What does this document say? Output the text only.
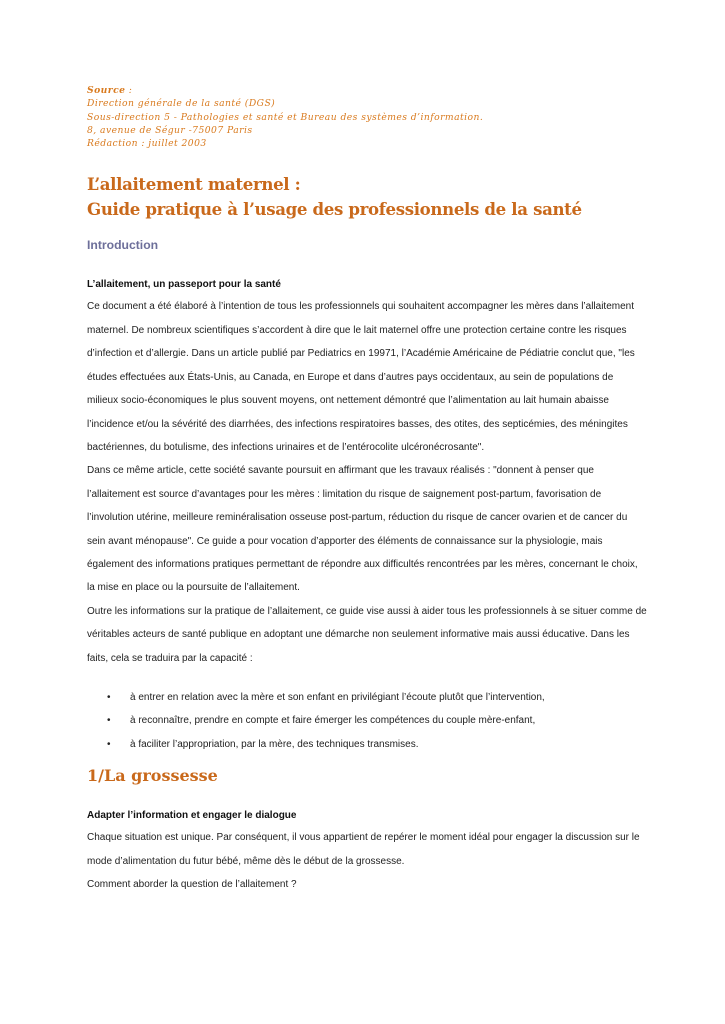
Source :
Direction générale de la santé (DGS)
Sous-direction 5 - Pathologies et santé et Bureau des systèmes d’information.
8, avenue de Ségur -75007 Paris
Rédaction : juillet 2003
L’allaitement maternel :
Guide pratique à l’usage des professionnels de la santé
Introduction
L’allaitement, un passeport pour la santé
Ce document a été élaboré à l’intention de tous les professionnels qui souhaitent accompagner les mères dans l’allaitement maternel. De nombreux scientifiques s’accordent à dire que le lait maternel offre une protection certaine contre les risques d’infection et d’allergie. Dans un article publié par Pediatrics en 19971, l’Académie Américaine de Pédiatrie conclut que, "les études effectuées aux États-Unis, au Canada, en Europe et dans d’autres pays occidentaux, au sein de populations de milieux socio-économiques le plus souvent moyens, ont nettement démontré que l’alimentation au lait humain abaisse l’incidence et/ou la sévérité des diarrhées, des infections respiratoires basses, des otites, des septicémies, des méningites bactériennes, du botulisme, des infections urinaires et de l’entérocolite ulcéronécrosante".
Dans ce même article, cette société savante poursuit en affirmant que les travaux réalisés : "donnent à penser que l’allaitement est source d’avantages pour les mères : limitation du risque de saignement post-partum, favorisation de l’involution utérine, meilleure reminéralisation osseuse post-partum, réduction du risque de cancer ovarien et de cancer du sein avant ménopause". Ce guide a pour vocation d’apporter des éléments de connaissance sur la physiologie, mais également des informations pratiques permettant de répondre aux difficultés rencontrées par les mères, concernant le choix, la mise en place ou la poursuite de l’allaitement.
Outre les informations sur la pratique de l’allaitement, ce guide vise aussi à aider tous les professionnels à se situer comme de véritables acteurs de santé publique en adoptant une démarche non seulement informative mais aussi éducative. Dans les faits, cela se traduira par la capacité :
• à entrer en relation avec la mère et son enfant en privilégiant l’écoute plutôt que l’intervention,
• à reconnaître, prendre en compte et faire émerger les compétences du couple mère-enfant,
• à faciliter l’appropriation, par la mère, des techniques transmises.
1/La grossesse
Adapter l’information et engager le dialogue
Chaque situation est unique. Par conséquent, il vous appartient de repérer le moment idéal pour engager la discussion sur le mode d’alimentation du futur bébé, même dès le début de la grossesse.
Comment aborder la question de l’allaitement ?
